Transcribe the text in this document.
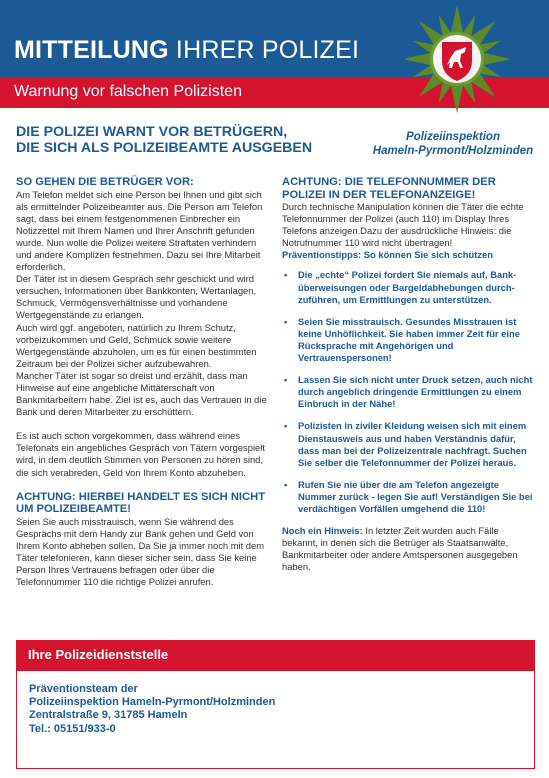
MITTEILUNG IHRER POLIZEI
Warnung vor falschen Polizisten
DIE POLIZEI WARNT VOR BETRÜGERN,
DIE SICH ALS POLIZEIBEAMTE AUSGEBEN
Polizeiinspektion
Hameln-Pyrmont/Holzminden

SO GEHEN DIE BETRÜGER VOR:

Am Telefon meldet sich eine Person bei Ihnen und gibt sich als ermittelnder Polizeibeamter aus. Die Person am Telefon sagt, dass bei einem festgenommenen Einbrecher ein Notizzettel mit Ihrem Namen und Ihrer Anschrift gefunden wurde. Nun wolle die Polizei weitere Straftaten verhindern und andere Komplizen festnehmen. Dazu sei Ihre Mitarbeit erforderlich.

Der Täter ist in diesem Gespräch sehr geschickt und wird versuchen, Informationen über Bankkonten, Wertanlagen, Schmuck, Vermögensverhältnisse und vorhandene Wertgegenstände zu erlangen.

Auch wird ggf. angeboten, natürlich zu Ihrem Schutz, vorbeizukommen und Geld, Schmuck sowie weitere Wertgegenstände abzuholen, um es für einen bestimmten Zeitraum bei der Polizei sicher aufzubewahren.

Mancher Täter ist sogar so dreist und erzählt, dass man Hinweise auf eine angebliche Mittäterschaft von Bankmitarbeitern habe. Ziel ist es, auch das Vertrauen in die Bank und deren Mitarbeiter zu erschüttern.

Es ist auch schon vorgekommen, dass während eines Telefonats ein angebliches Gespräch von Tätern vorgespielt wird, in dem deutlich Stimmen von Personen zu hören sind, die sich verabreden, Geld von Ihrem Konto abzuheben.

ACHTUNG: HIERBEI HANDELT ES SICH NICHT UM POLIZEIBEAMTE!

Seien Sie auch misstrauisch, wenn Sie während des Gesprächs mit dem Handy zur Bank gehen und Geld von Ihrem Konto abheben sollen. Da Sie ja immer noch mit dem Täter telefonieren, kann dieser sicher sein, dass Sie keine Person Ihres Vertrauens befragen oder über die Telefonnummer 110 die richtige Polizei anrufen.

ACHTUNG: DIE TELEFONNUMMER DER POLIZEI IN DER TELEFONANZEIGE!

Durch technische Manipulation können die Täter die echte Telefonnummer der Polizei (auch 110) im Display Ihres Telefons anzeigen.Dazu der ausdrückliche Hinweis: die Notrufnummer 110 wird nicht übertragen!

Präventionstipps: So können Sie sich schützen

• Die „echte“ Polizei fordert Sie niemals auf, Banküberweisungen oder Bargeldabhebungen durchzuführen, um Ermittlungen zu unterstützen.
• Seien Sie misstrauisch. Gesundes Misstrauen ist keine Unhöflichkeit. Sie haben immer Zeit für eine Rücksprache mit Angehörigen und Vertrauenspersonen!
• Lassen Sie sich nicht unter Druck setzen, auch nicht durch angeblich dringende Ermittlungen zu einem Einbruch in der Nähe!
• Polizisten in ziviler Kleidung weisen sich mit einem Dienstausweis aus und haben Verständnis dafür, dass man bei der Polizeizentrale nachfragt. Suchen Sie selber die Telefonnummer der Polizei heraus.
• Rufen Sie nie über die am Telefon angezeigte Nummer zurück - legen Sie auf! Verständigen Sie bei verdächtigen Vorfällen umgehend die 110!

Noch ein Hinweis: In letzter Zeit wurden auch Fälle bekannt, in denen sich die Betrüger als Staatsanwälte, Bankmitarbeiter oder andere Amtspersonen ausgegeben haben.

Ihre Polizeidienststelle
Präventionsteam der
Polizeiinspektion Hameln-Pyrmont/Holzminden
Zentralstraße 9, 31785 Hameln
Tel.: 05151/933-0
